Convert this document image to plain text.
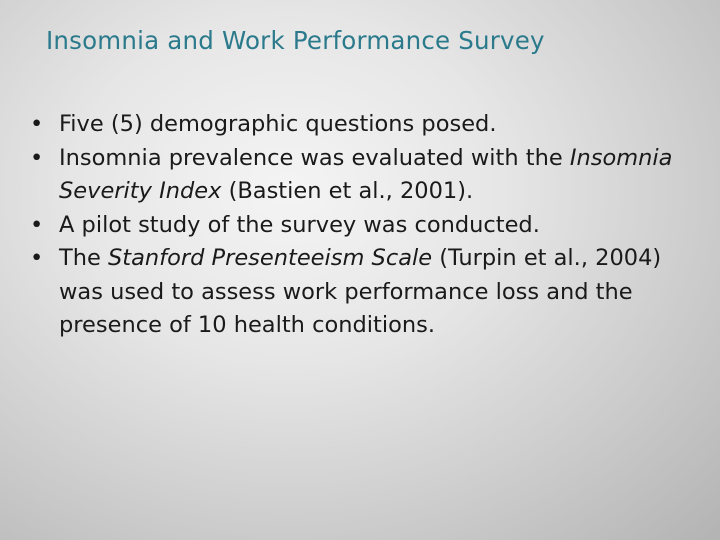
Insomnia and Work Performance Survey
• Five (5) demographic questions posed.
• Insomnia prevalence was evaluated with the Insomnia Severity Index (Bastien et al., 2001).
• A pilot study of the survey was conducted.
• The Stanford Presenteeism Scale (Turpin et al., 2004) was used to assess work performance loss and the presence of 10 health conditions.
